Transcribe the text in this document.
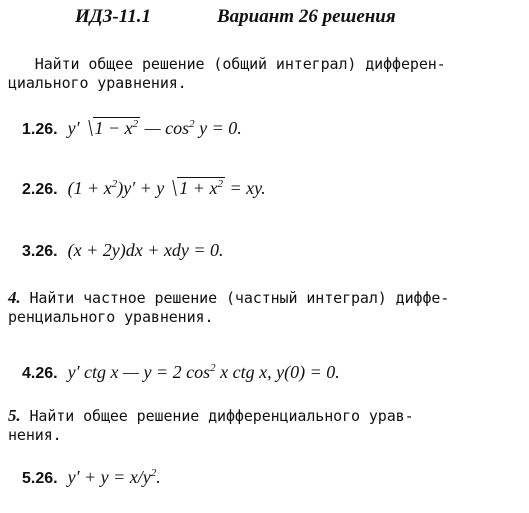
ИДЗ-11.1	Вариант 26 решения
Найти общее решение (общий интеграл) дифферен-
циального уравнения.
1.26. y′ $1 - x^2$ — $\cos^2 y = 0$.
2.26. $(1 + x^2)y' + y$ $1 + x^2$ = xy.
3.26. (x + 2y)dx + xdy = 0.
4. Найти частное решение (частный интеграл) диффе-
ренциального уравнения.
4.26. y′ ctg x — y = 2 $\cos^2 x$ ctg x, y(0) = 0.
5. Найти общее решение дифференциального урав-
нения.
5.26. $y' + y = x/y^2$.
